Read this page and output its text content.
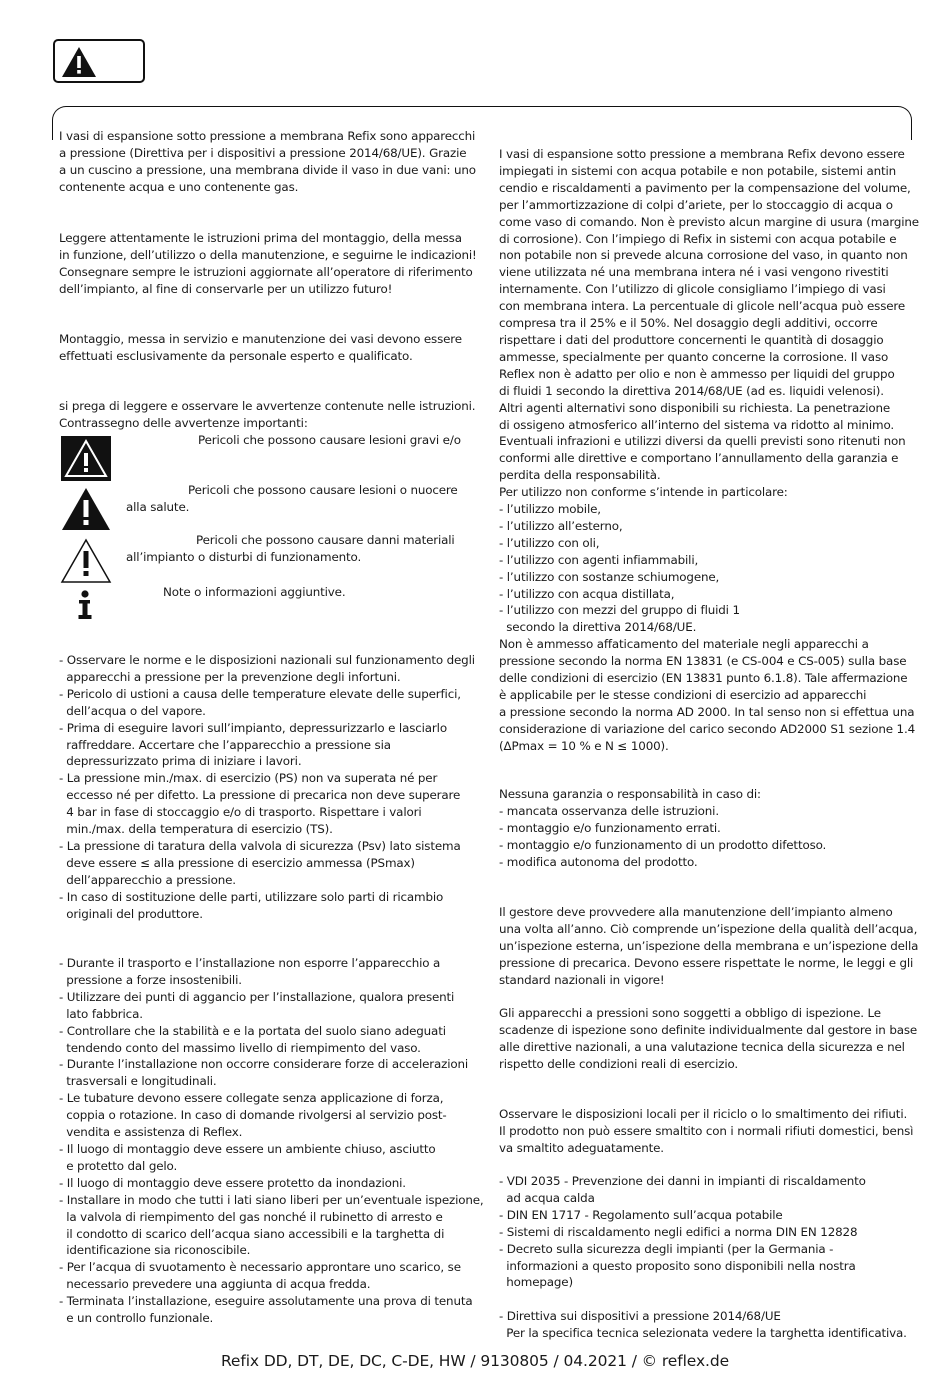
I vasi di espansione sotto pressione a membrana Refix sono apparecchi
a pressione (Direttiva per i dispositivi a pressione 2014/68/UE). Grazie
a un cuscino a pressione, una membrana divide il vaso in due vani: uno
contenente acqua e uno contenente gas.

Leggere attentamente le istruzioni prima del montaggio, della messa
in funzione, dell’utilizzo o della manutenzione, e seguirne le indicazioni!
Consegnare sempre le istruzioni aggiornate all’operatore di riferimento
dell’impianto, al fine di conservarle per un utilizzo futuro!

Montaggio, messa in servizio e manutenzione dei vasi devono essere
effettuati esclusivamente da personale esperto e qualificato.

si prega di leggere e osservare le avvertenze contenute nelle istruzioni.
Contrassegno delle avvertenze importanti:

Pericoli che possono causare lesioni gravi e/o

Pericoli che possono causare lesioni o nuocere
alla salute.

Pericoli che possono causare danni materiali
all’impianto o disturbi di funzionamento.

Note o informazioni aggiuntive.

- Osservare le norme e le disposizioni nazionali sul funzionamento degli
apparecchi a pressione per la prevenzione degli infortuni.
- Pericolo di ustioni a causa delle temperature elevate delle superfici,
dell’acqua o del vapore.
- Prima di eseguire lavori sull’impianto, depressurizzarlo e lasciarlo
raffreddare. Accertare che l’apparecchio a pressione sia
depressurizzato prima di iniziare i lavori.
- La pressione min./max. di esercizio (PS) non va superata né per
eccesso né per difetto. La pressione di precarica non deve superare
4 bar in fase di stoccaggio e/o di trasporto. Rispettare i valori
min./max. della temperatura di esercizio (TS).
- La pressione di taratura della valvola di sicurezza (Psv) lato sistema
deve essere ≤ alla pressione di esercizio ammessa (PSmax)
dell’apparecchio a pressione.
- In caso di sostituzione delle parti, utilizzare solo parti di ricambio
originali del produttore.

- Durante il trasporto e l’installazione non esporre l’apparecchio a
pressione a forze insostenibili.
- Utilizzare dei punti di aggancio per l’installazione, qualora presenti
lato fabbrica.
- Controllare che la stabilità e e la portata del suolo siano adeguati
tendendo conto del massimo livello di riempimento del vaso.
- Durante l’installazione non occorre considerare forze di accelerazioni
trasversali e longitudinali.
- Le tubature devono essere collegate senza applicazione di forza,
coppia o rotazione. In caso di domande rivolgersi al servizio post-
vendita e assistenza di Reflex.
- Il luogo di montaggio deve essere un ambiente chiuso, asciutto
e protetto dal gelo.
- Il luogo di montaggio deve essere protetto da inondazioni.
- Installare in modo che tutti i lati siano liberi per un’eventuale ispezione,
la valvola di riempimento del gas nonché il rubinetto di arresto e
il condotto di scarico dell’acqua siano accessibili e la targhetta di
identificazione sia riconoscibile.
- Per l’acqua di svuotamento è necessario approntare uno scarico, se
necessario prevedere una aggiunta di acqua fredda.
- Terminata l’installazione, eseguire assolutamente una prova di tenuta
e un controllo funzionale.

I vasi di espansione sotto pressione a membrana Refix devono essere
impiegati in sistemi con acqua potabile e non potabile, sistemi antin
cendio e riscaldamenti a pavimento per la compensazione del volume,
per l’ammortizzazione di colpi d’ariete, per lo stoccaggio di acqua o
come vaso di comando. Non è previsto alcun margine di usura (margine
di corrosione). Con l’impiego di Refix in sistemi con acqua potabile e
non potabile non si prevede alcuna corrosione del vaso, in quanto non
viene utilizzata né una membrana intera né i vasi vengono rivestiti
internamente. Con l’utilizzo di glicole consigliamo l’impiego di vasi
con membrana intera. La percentuale di glicole nell’acqua può essere
compresa tra il 25% e il 50%. Nel dosaggio degli additivi, occorre
rispettare i dati del produttore concernenti le quantità di dosaggio
ammesse, specialmente per quanto concerne la corrosione. Il vaso
Reflex non è adatto per olio e non è ammesso per liquidi del gruppo
di fluidi 1 secondo la direttiva 2014/68/UE (ad es. liquidi velenosi).
Altri agenti alternativi sono disponibili su richiesta. La penetrazione
di ossigeno atmosferico all’interno del sistema va ridotto al minimo.
Eventuali infrazioni e utilizzi diversi da quelli previsti sono ritenuti non
conformi alle direttive e comportano l’annullamento della garanzia e
perdita della responsabilità.
Per utilizzo non conforme s’intende in particolare:
- l’utilizzo mobile,
- l’utilizzo all’esterno,
- l’utilizzo con oli,
- l’utilizzo con agenti infiammabili,
- l’utilizzo con sostanze schiumogene,
- l’utilizzo con acqua distillata,
- l’utilizzo con mezzi del gruppo di fluidi 1
secondo la direttiva 2014/68/UE.
Non è ammesso affaticamento del materiale negli apparecchi a
pressione secondo la norma EN 13831 (e CS-004 e CS-005) sulla base
delle condizioni di esercizio (EN 13831 punto 6.1.8). Tale affermazione
è applicabile per le stesse condizioni di esercizio ad apparecchi
a pressione secondo la norma AD 2000. In tal senso non si effettua una
considerazione di variazione del carico secondo AD2000 S1 sezione 1.4
(ΔPmax = 10 % e N ≤ 1000).

Nessuna garanzia o responsabilità in caso di:
- mancata osservanza delle istruzioni.
- montaggio e/o funzionamento errati.
- montaggio e/o funzionamento di un prodotto difettoso.
- modifica autonoma del prodotto.

Il gestore deve provvedere alla manutenzione dell’impianto almeno
una volta all’anno. Ciò comprende un’ispezione della qualità dell’acqua,
un’ispezione esterna, un’ispezione della membrana e un’ispezione della
pressione di precarica. Devono essere rispettate le norme, le leggi e gli
standard nazionali in vigore!

Gli apparecchi a pressioni sono soggetti a obbligo di ispezione. Le
scadenze di ispezione sono definite individualmente dal gestore in base
alle direttive nazionali, a una valutazione tecnica della sicurezza e nel
rispetto delle condizioni reali di esercizio.

Osservare le disposizioni locali per il riciclo o lo smaltimento dei rifiuti.
Il prodotto non può essere smaltito con i normali rifiuti domestici, bensì
va smaltito adeguatamente.

- VDI 2035 - Prevenzione dei danni in impianti di riscaldamento
ad acqua calda
- DIN EN 1717 - Regolamento sull’acqua potabile
- Sistemi di riscaldamento negli edifici a norma DIN EN 12828
- Decreto sulla sicurezza degli impianti (per la Germania -
informazioni a questo proposito sono disponibili nella nostra
homepage)

- Direttiva sui dispositivi a pressione 2014/68/UE
Per la specifica tecnica selezionata vedere la targhetta identificativa.

Refix DD, DT, DE, DC, C-DE, HW / 9130805 / 04.2021 / © reflex.de
